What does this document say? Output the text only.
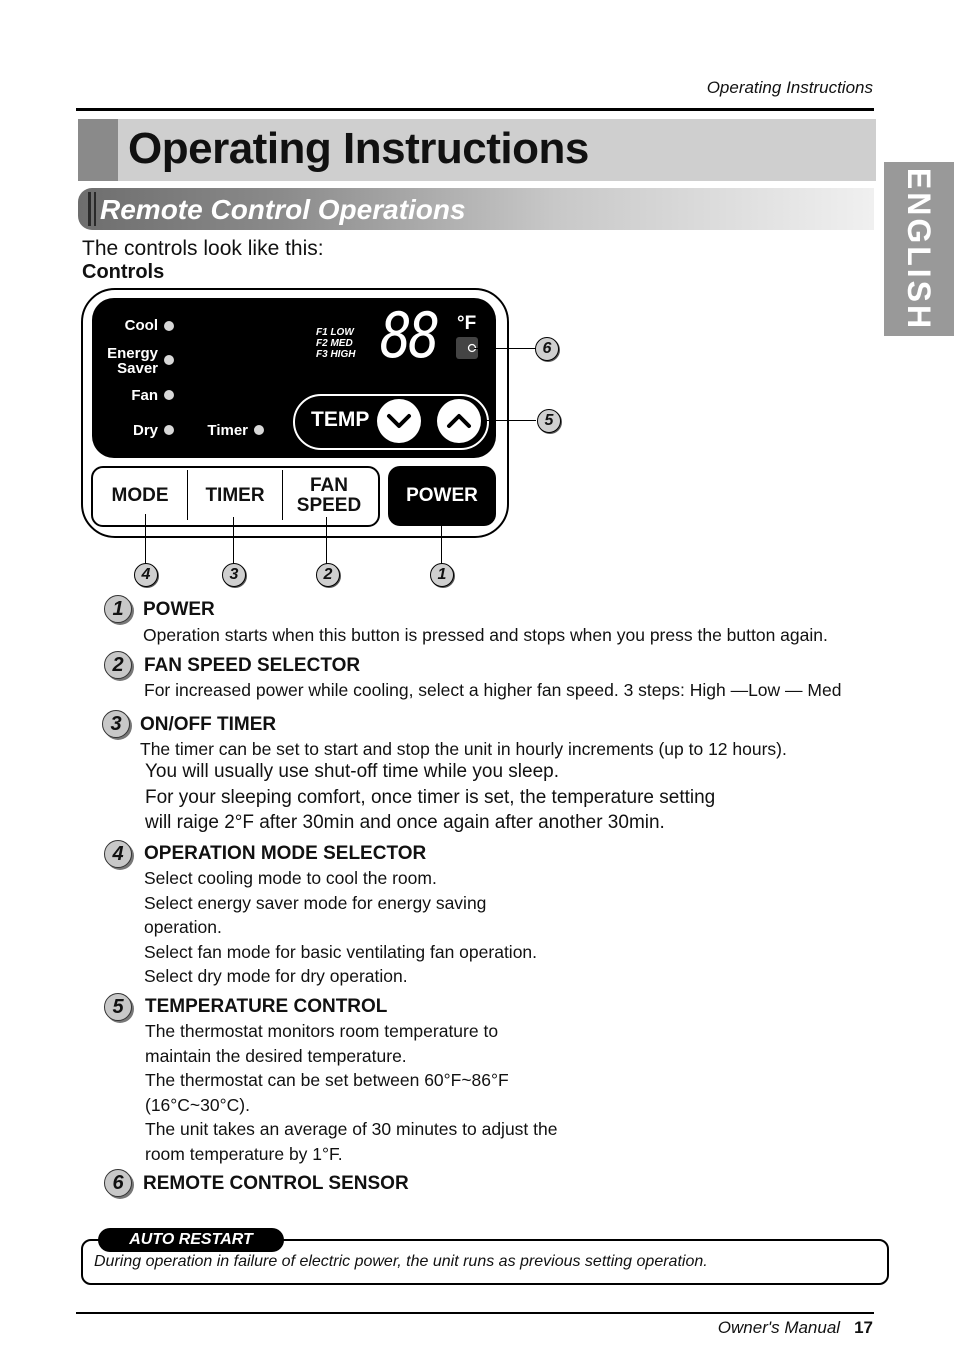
Operating Instructions
Operating Instructions
Remote Control Operations	ENGLISH
The controls look like this:
Controls
Cool
Energy
Saver
Fan
Dry	Timer
F1 LOW
F2 MED
F3 HIGH 88 °F
TEMP
MODE	TIMER	FAN
SPEED	POWER
6
5
4	3	2	1
1	POWER
Operation starts when this button is pressed and stops when you press the button again.
2	FAN SPEED SELECTOR
For increased power while cooling, select a higher fan speed. 3 steps: High —Low — Med
3 ON/OFF TIMER
The timer can be set to start and stop the unit in hourly increments (up to 12 hours).
You will usually use shut-off time while you sleep.
For your sleeping comfort, once timer is set, the temperature setting
will raige 2°F after 30min and once again after another 30min.
4	OPERATION MODE SELECTOR
Select cooling mode to cool the room.
Select energy saver mode for energy saving
operation.
Select fan mode for basic ventilating fan operation.
Select dry mode for dry operation.
5	TEMPERATURE CONTROL
The thermostat monitors room temperature to
maintain the desired temperature.
The thermostat can be set between 60°F~86°F
(16°C~30°C).
The unit takes an average of 30 minutes to adjust the
room temperature by 1°F.
6	REMOTE CONTROL SENSOR
AUTO RESTART
During operation in failure of electric power, the unit runs as previous setting operation.
Owner's Manual 17
